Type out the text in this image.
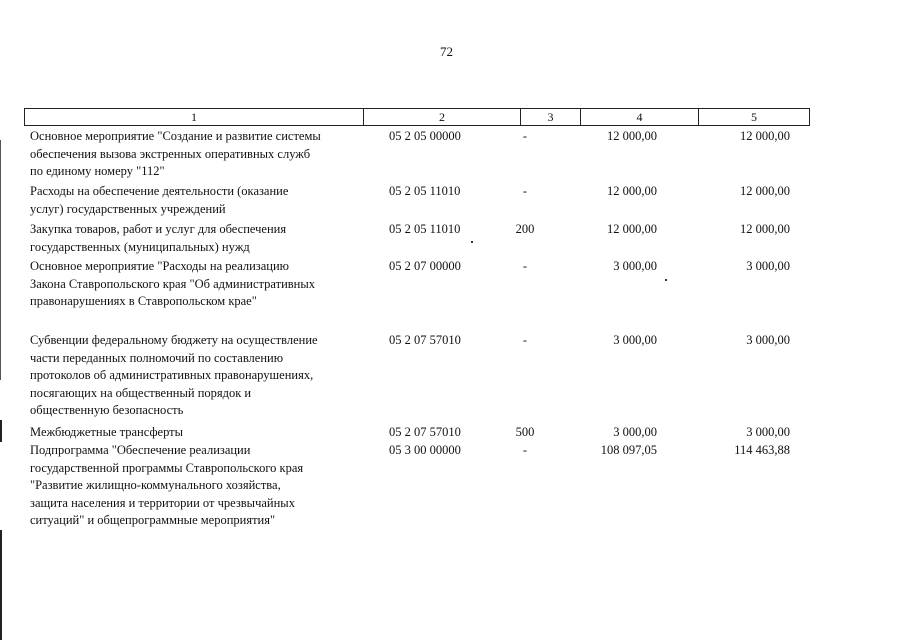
72
1	2	3	4	5
Основное мероприятие "Создание и развитие системы
обеспечения вызова экстренных оперативных служб
по единому номеру "112"
05 2 05 00000	-	12 000,00	12 000,00
Расходы на обеспечение деятельности (оказание
услуг) государственных учреждений
05 2 05 11010	-	12 000,00	12 000,00
Закупка товаров, работ и услуг для обеспечения
государственных (муниципальных) нужд
05 2 05 11010	200	12 000,00	12 000,00
Основное мероприятие "Расходы на реализацию
Закона Ставропольского края "Об административных
правонарушениях в Ставропольском крае"
05 2 07 00000	-	3 000,00	3 000,00
Субвенции федеральному бюджету на осуществление
части переданных полномочий по составлению
протоколов об административных правонарушениях,
посягающих на общественный порядок и
общественную безопасность
05 2 07 57010	-	3 000,00	3 000,00
Межбюджетные трансферты	05 2 07 57010	500	3 000,00	3 000,00
Подпрограмма "Обеспечение реализации
государственной программы Ставропольского края
"Развитие жилищно-коммунального хозяйства,
защита населения и территории от чрезвычайных
ситуаций" и общепрограммные мероприятия"
05 3 00 00000	-	108 097,05	114 463,88
